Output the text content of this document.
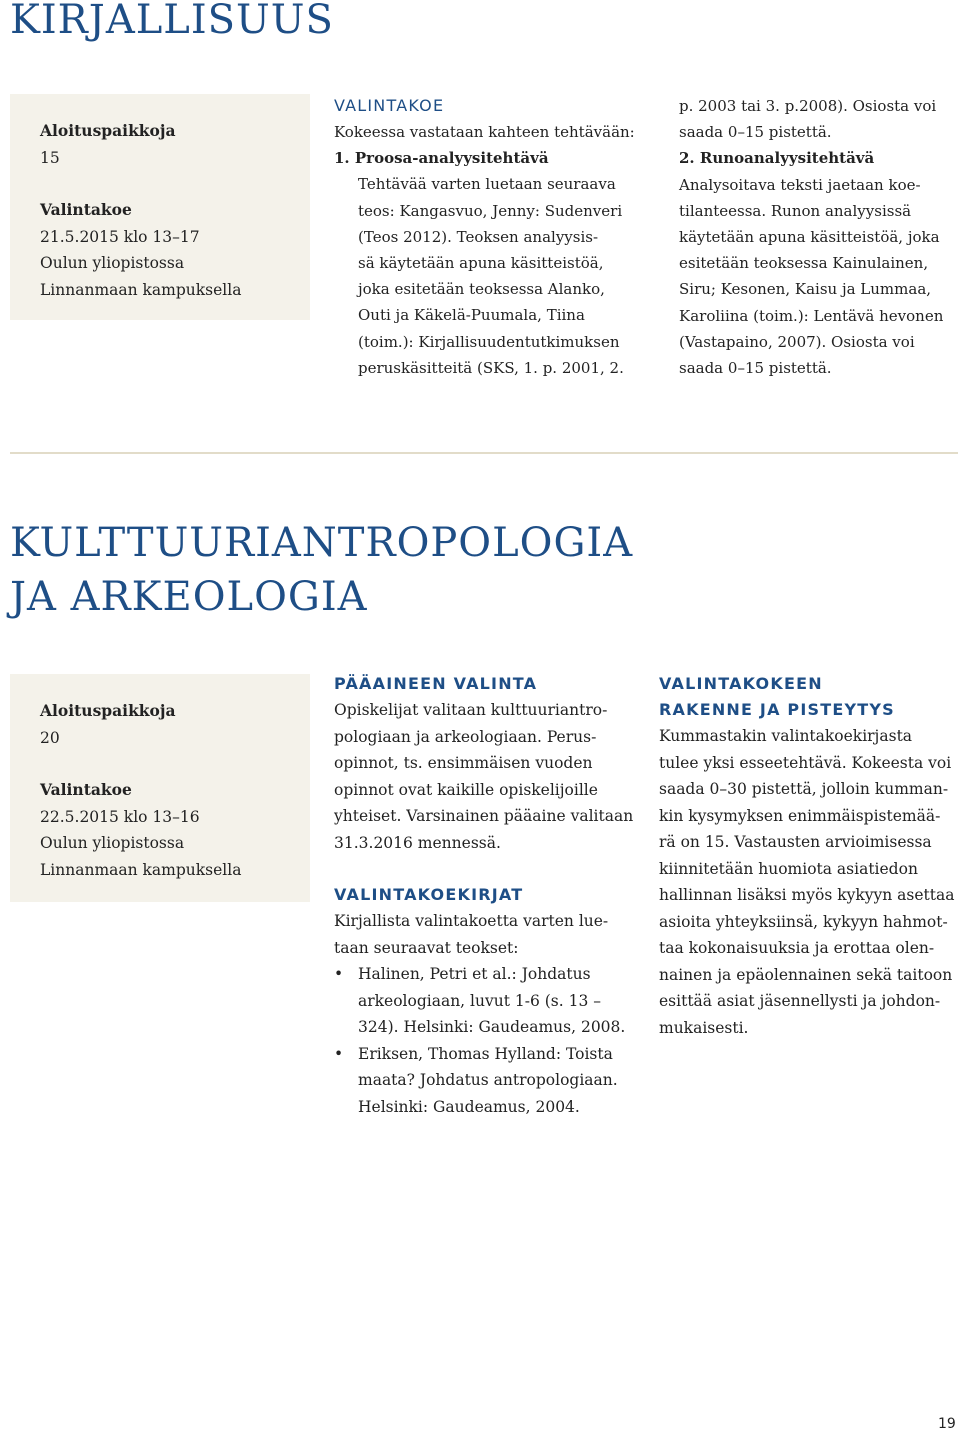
KIRJALLISUUS
Aloituspaikkoja
15
Valintakoe
21.5.2015 klo 13–17
Oulun yliopistossa
Linnanmaan kampuksella
VALINTAKOE
Kokeessa vastataan kahteen tehtävään:
1. Proosa-analyysitehtävä
Tehtävää varten luetaan seuraava
teos: Kangasvuo, Jenny: Sudenveri
(Teos 2012). Teoksen analyysis-
sä käytetään apuna käsitteistöä,
joka esitetään teoksessa Alanko,
Outi ja Käkelä-Puumala, Tiina
(toim.): Kirjallisuudentutkimuksen
peruskäsitteitä (SKS, 1. p. 2001, 2.
p. 2003 tai 3. p.2008). Osiosta voi
saada 0–15 pistettä.
2. Runoanalyysitehtävä
Analysoitava teksti jaetaan koe-
tilanteessa. Runon analyysissä
käytetään apuna käsitteistöä, joka
esitetään teoksessa Kainulainen,
Siru; Kesonen, Kaisu ja Lummaa,
Karoliina (toim.): Lentävä hevonen
(Vastapaino, 2007). Osiosta voi
saada 0–15 pistettä.
KULTTUURIANTROPOLOGIA
JA ARKEOLOGIA
Aloituspaikkoja
20
Valintakoe
22.5.2015 klo 13–16
Oulun yliopistossa
Linnanmaan kampuksella
PÄÄAINEEN VALINTA
Opiskelijat valitaan kulttuuriantro-
pologiaan ja arkeologiaan. Perus-
opinnot, ts. ensimmäisen vuoden
opinnot ovat kaikille opiskelijoille
yhteiset. Varsinainen pääaine valitaan
31.3.2016 mennessä.
VALINTAKOEKIRJAT
Kirjallista valintakoetta varten lue-
taan seuraavat teokset:
• Halinen, Petri et al.: Johdatus
arkeologiaan, luvut 1-6 (s. 13 –
324). Helsinki: Gaudeamus, 2008.
• Eriksen, Thomas Hylland: Toista
maata? Johdatus antropologiaan.
Helsinki: Gaudeamus, 2004.
VALINTAKOKEEN
RAKENNE JA PISTEYTYS
Kummastakin valintakoekirjasta
tulee yksi esseetehtävä. Kokeesta voi
saada 0–30 pistettä, jolloin kumman-
kin kysymyksen enimmäispistemää-
rä on 15. Vastausten arvioimisessa
kiinnitetään huomiota asiatiedon
hallinnan lisäksi myös kykyyn asettaa
asioita yhteyksiinsä, kykyyn hahmot-
taa kokonaisuuksia ja erottaa olen-
nainen ja epäolennainen sekä taitoon
esittää asiat jäsennellysti ja johdon-
mukaisesti.
19
